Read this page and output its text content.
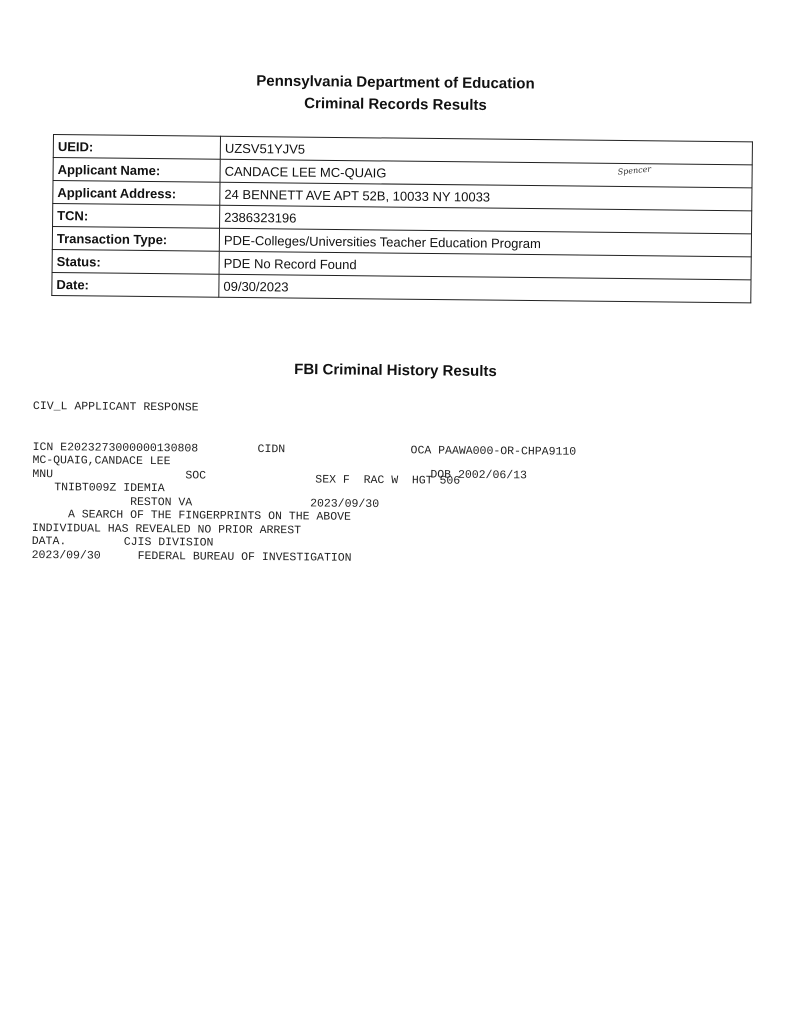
Pennsylvania Department of Education
Criminal Records Results
UEID:	UZSV51YJV5
Applicant Name:	CANDACE LEE MC-QUAIG Spencer

Applicant Address:	24 BENNETT AVE APT 52B, 10033 NY 10033
TCN:	2386323196
Transaction Type:	PDE-Colleges/Universities Teacher Education Program
Status:	PDE No Record Found
Date:	09/30/2023
FBI Criminal History Results

CIV_L APPLICANT RESPONSE

ICN E2023273000000130808

	CIDN

	OCA PAAWA000-OR-CHPA9110

MC-QUAIG,CANDACE LEE

DOB 2002/06/13

MNU

	SOC

	SEX F  RAC W  HGT 506

TNIBT009Z IDEMIA

RESTON VA

	2023/09/30

A SEARCH OF THE FINGERPRINTS ON THE ABOVE

INDIVIDUAL HAS REVEALED NO PRIOR ARREST

DATA.

	CJIS DIVISION

2023/09/30

	FEDERAL BUREAU OF INVESTIGATION
